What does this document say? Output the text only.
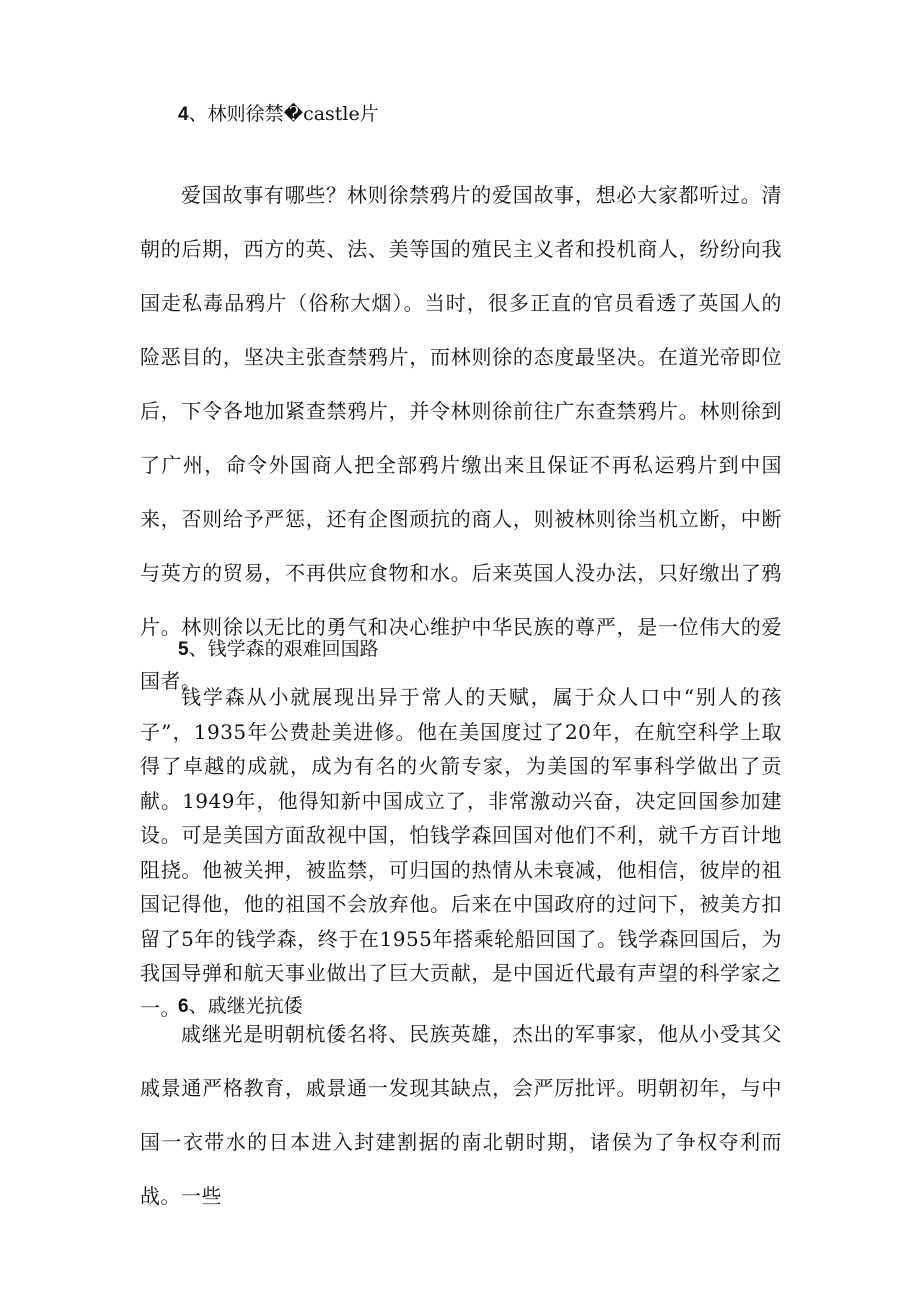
4、林则徐禁�castle片

爱国故事有哪些？林则徐禁鸦片的爱国故事，想必大家都听过。清朝的后期，西方的英、法、美等国的殖民主义者和投机商人，纷纷向我国走私毒品鸦片（俗称大烟）。当时，很多正直的官员看透了英国人的险恶目的，坚决主张查禁鸦片，而林则徐的态度最坚决。在道光帝即位后，下令各地加紧查禁鸦片，并令林则徐前往广东查禁鸦片。林则徐到了广州，命令外国商人把全部鸦片缴出来且保证不再私运鸦片到中国来，否则给予严惩，还有企图顽抗的商人，则被林则徐当机立断，中断与英方的贸易，不再供应食物和水。后来英国人没办法，只好缴出了鸦片。林则徐以无比的勇气和决心维护中华民族的尊严，是一位伟大的爱国者。

5、钱学森的艰难回国路

钱学森从小就展现出异于常人的天赋，属于众人口中“别人的孩子”，1935年公费赴美进修。他在美国度过了20年，在航空科学上取得了卓越的成就，成为有名的火箭专家，为美国的军事科学做出了贡献。1949年，他得知新中国成立了，非常激动兴奋，决定回国参加建设。可是美国方面敌视中国，怕钱学森回国对他们不利，就千方百计地阻挠。他被关押，被监禁，可归国的热情从未衰减，他相信，彼岸的祖国记得他，他的祖国不会放弃他。后来在中国政府的过问下，被美方扣留了5年的钱学森，终于在1955年搭乘轮船回国了。钱学森回国后，为我国导弹和航天事业做出了巨大贡献，是中国近代最有声望的科学家之一。

6、戚继光抗倭

戚继光是明朝杭倭名将、民族英雄，杰出的军事家，他从小受其父戚景通严格教育，戚景通一发现其缺点，会严厉批评。明朝初年，与中国一衣带水的日本进入封建割据的南北朝时期，诸侯为了争权夺利而战。一些
